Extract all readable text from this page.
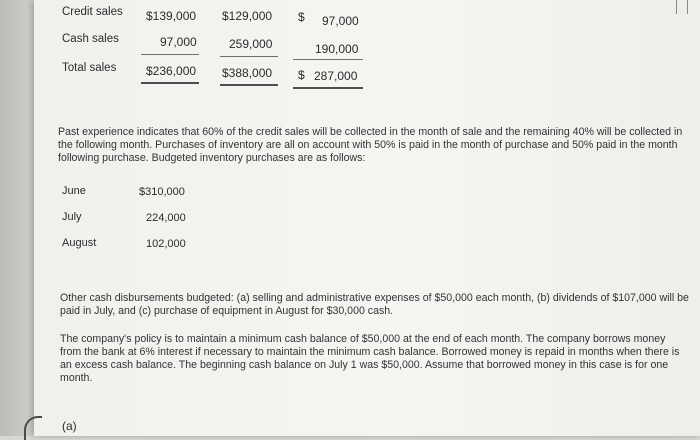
Credit sales $139,000 $129,000 $ 97,000
Cash sales	97,000	259,000	190,000
Total sales $236,000 $388,000 $ 287,000

Past experience indicates that 60% of the credit sales will be collected in the month of sale and the remaining 40% will be collected in the following month. Purchases of inventory are all on account with 50% is paid in the month of purchase and 50% paid in the month following purchase. Budgeted inventory purchases are as follows:

June	$310,000
July	224,000
August	102,000

Other cash disbursements budgeted: (a) selling and administrative expenses of $50,000 each month, (b) dividends of $107,000 will be paid in July, and (c) purchase of equipment in August for $30,000 cash.

The company's policy is to maintain a minimum cash balance of $50,000 at the end of each month. The company borrows money from the bank at 6% interest if necessary to maintain the minimum cash balance. Borrowed money is repaid in months when there is an excess cash balance. The beginning cash balance on July 1 was $50,000. Assume that borrowed money in this case is for one month.

(a)
